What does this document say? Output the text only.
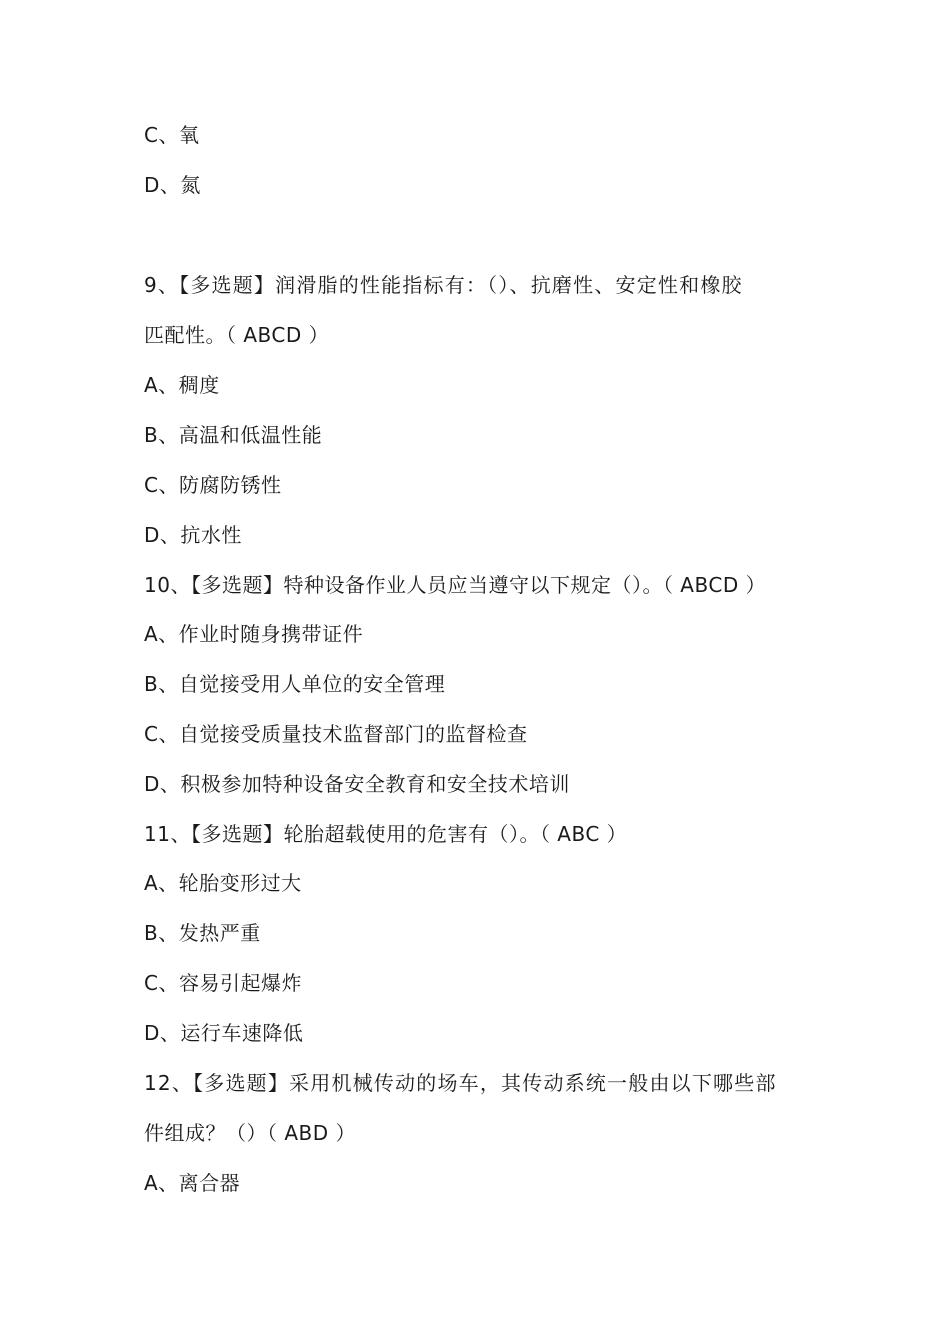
C、氧
D、氮
9、【多选题】润滑脂的性能指标有：（）、抗磨性、安定性和橡胶
匹配性。（ ABCD ）
A、稠度
B、高温和低温性能
C、防腐防锈性
D、抗水性
10、【多选题】特种设备作业人员应当遵守以下规定（）。（ ABCD ）
A、作业时随身携带证件
B、自觉接受用人单位的安全管理
C、自觉接受质量技术监督部门的监督检查
D、积极参加特种设备安全教育和安全技术培训
11、【多选题】轮胎超载使用的危害有（）。（ ABC ）
A、轮胎变形过大
B、发热严重
C、容易引起爆炸
D、运行车速降低
12、【多选题】采用机械传动的场车，其传动系统一般由以下哪些部
件组成？（）（ ABD ）
A、离合器
